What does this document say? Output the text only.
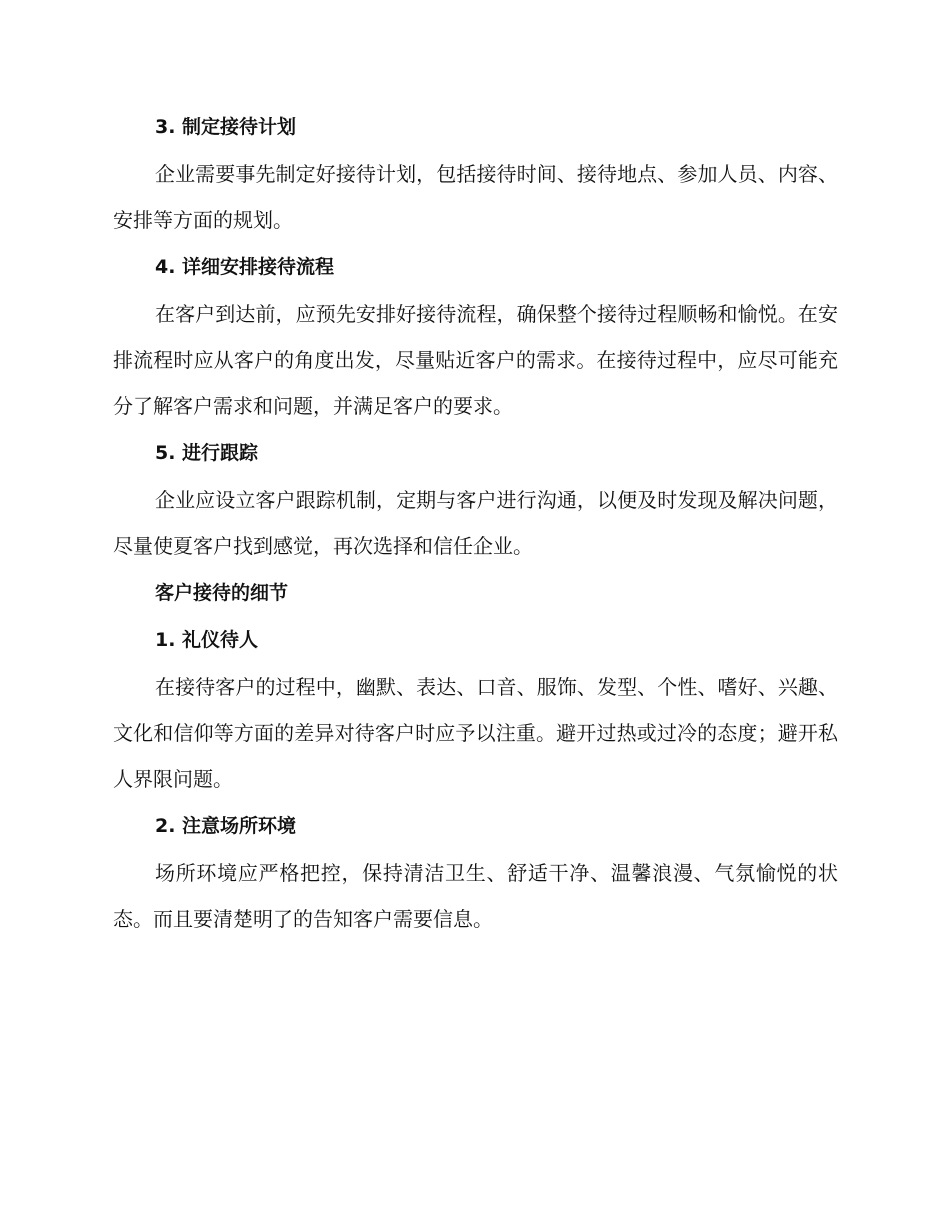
3. 制定接待计划

企业需要事先制定好接待计划，包括接待时间、接待地点、参加人员、内容、安排等方面的规划。

4. 详细安排接待流程

在客户到达前，应预先安排好接待流程，确保整个接待过程顺畅和愉悦。在安排流程时应从客户的角度出发，尽量贴近客户的需求。在接待过程中，应尽可能充分了解客户需求和问题，并满足客户的要求。

5. 进行跟踪

企业应设立客户跟踪机制，定期与客户进行沟通，以便及时发现及解决问题，尽量使夏客户找到感觉，再次选择和信任企业。

客户接待的细节
1. 礼仪待人

在接待客户的过程中，幽默、表达、口音、服饰、发型、个性、嗜好、兴趣、文化和信仰等方面的差异对待客户时应予以注重。避开过热或过冷的态度；避开私人界限问题。

2. 注意场所环境

场所环境应严格把控，保持清洁卫生、舒适干净、温馨浪漫、气氛愉悦的状态。而且要清楚明了的告知客户需要信息。
